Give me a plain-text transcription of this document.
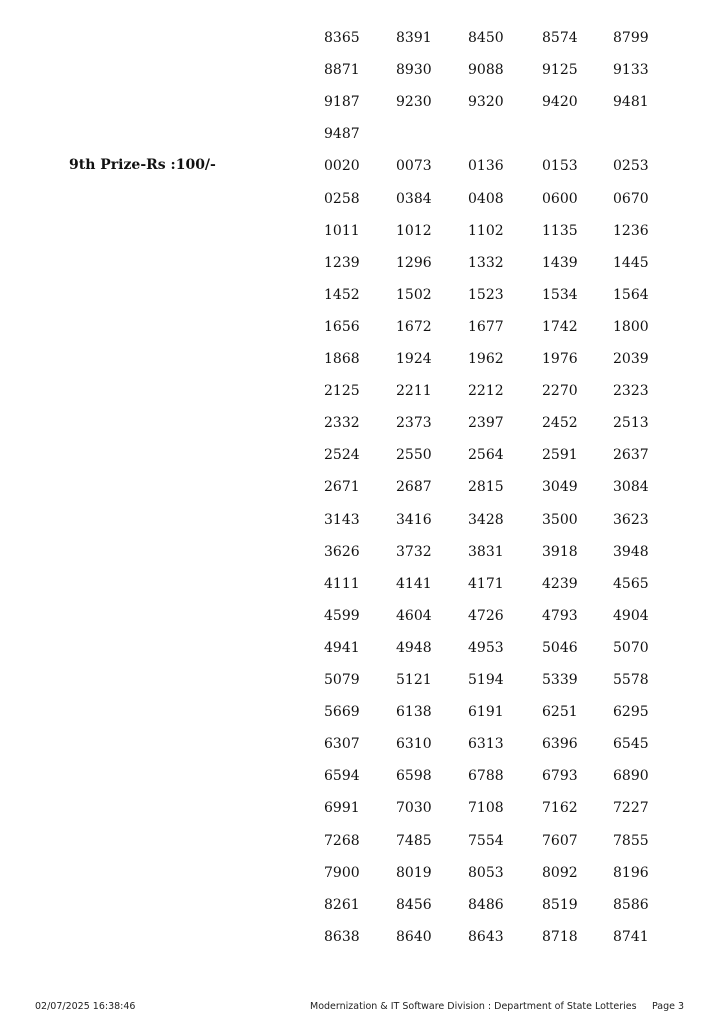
9th Prize-Rs :100/-
8365	8391	8450	8574	8799
8871	8930	9088	9125	9133
9187	9230	9320	9420	9481
9487
0020	0073	0136	0153	0253
0258	0384	0408	0600	0670
1011	1012	1102	1135	1236
1239	1296	1332	1439	1445
1452	1502	1523	1534	1564
1656	1672	1677	1742	1800
1868	1924	1962	1976	2039
2125	2211	2212	2270	2323
2332	2373	2397	2452	2513
2524	2550	2564	2591	2637
2671	2687	2815	3049	3084
3143	3416	3428	3500	3623
3626	3732	3831	3918	3948
4111	4141	4171	4239	4565
4599	4604	4726	4793	4904
4941	4948	4953	5046	5070
5079	5121	5194	5339	5578
5669	6138	6191	6251	6295
6307	6310	6313	6396	6545
6594	6598	6788	6793	6890
6991	7030	7108	7162	7227
7268	7485	7554	7607	7855
7900	8019	8053	8092	8196
8261	8456	8486	8519	8586
8638	8640	8643	8718	8741
02/07/2025 16:38:46	Modernization & IT Software Division : Department of State Lotteries Page 3
